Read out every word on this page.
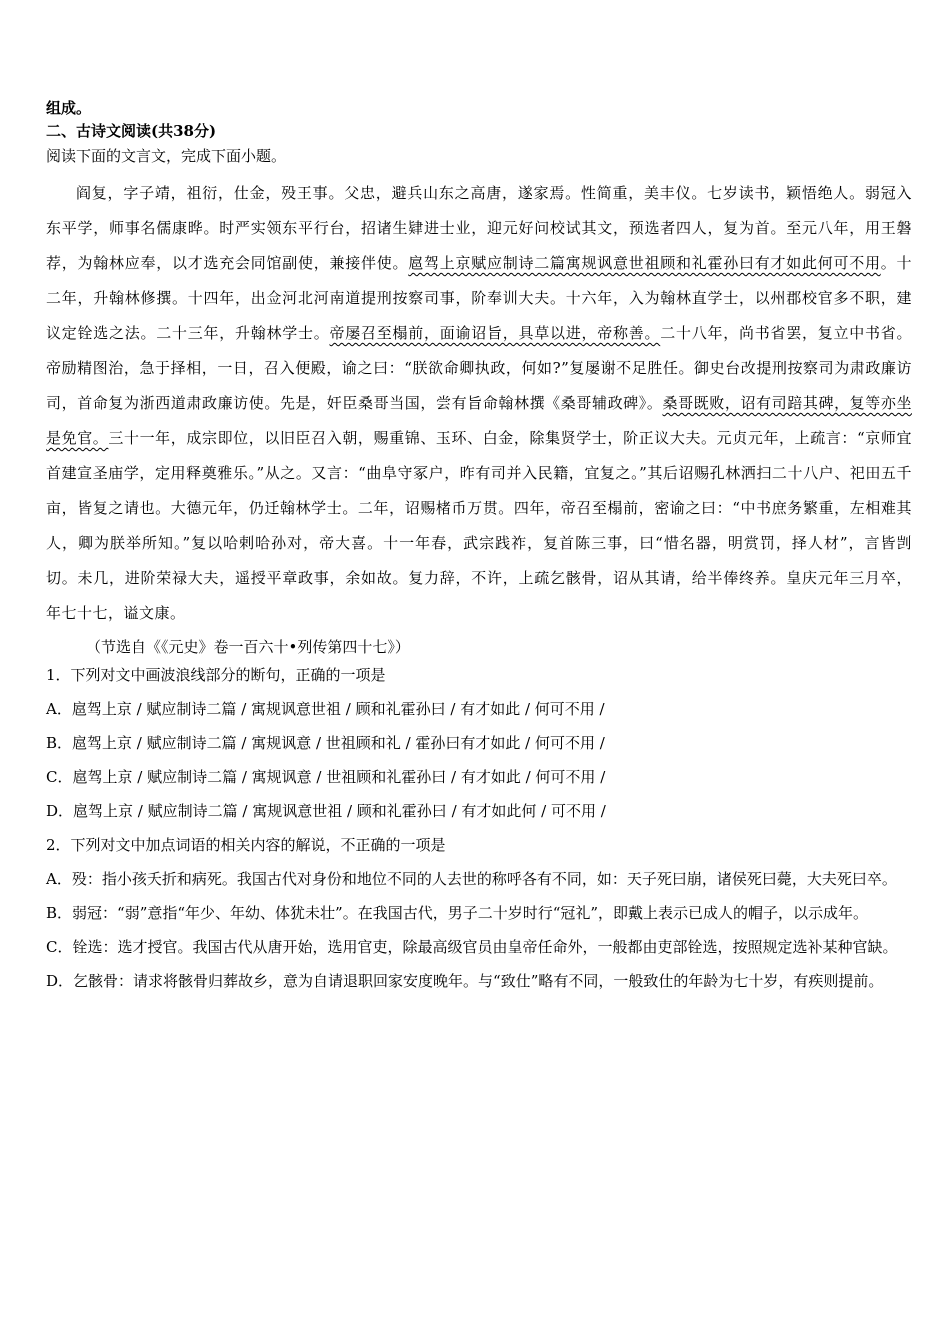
组成。
二、古诗文阅读(共38分)
阅读下面的文言文，完成下面小题。

阎复，字子靖，祖衍，仕金，殁王事。父忠，避兵山东之高唐，遂家焉。性简重，美丰仪。七岁读书，颖悟绝人。弱冠入东平学，师事名儒康晔。时严实领东平行台，招诸生肄进士业，迎元好问校试其文，预选者四人，复为首。至元八年，用王磐荐，为翰林应奉，以才选充会同馆副使，兼接伴使。扈驾上京赋应制诗二篇寓规讽意世祖顾和礼霍孙曰有才如此何可不用。十二年，升翰林修撰。十四年，出佥河北河南道提刑按察司事，阶奉训大夫。十六年，入为翰林直学士，以州郡校官多不职，建议定铨选之法。二十三年，升翰林学士。帝屡召至榻前，面谕诏旨，具草以进，帝称善。二十八年，尚书省罢，复立中书省。帝励精图治，急于择相，一日，召入便殿，谕之曰：“朕欲命卿执政，何如?”复屡谢不足胜任。御史台改提刑按察司为肃政廉访司，首命复为浙西道肃政廉访使。先是，奸臣桑哥当国，尝有旨命翰林撰《桑哥辅政碑》。桑哥既败，诏有司踣其碑，复等亦坐是免官。三十一年，成宗即位，以旧臣召入朝，赐重锦、玉环、白金，除集贤学士，阶正议大夫。元贞元年，上疏言：“京师宜首建宣圣庙学，定用释奠雅乐。”从之。又言：“曲阜守冢户，昨有司并入民籍，宜复之。”其后诏赐孔林洒扫二十八户、祀田五千亩，皆复之请也。大德元年，仍迁翰林学士。二年，诏赐楮币万贯。四年，帝召至榻前，密谕之曰：“中书庶务繁重，左相难其人，卿为朕举所知。”复以哈剌哈孙对，帝大喜。十一年春，武宗践祚，复首陈三事，曰“惜名器，明赏罚，择人材”，言皆剀切。未几，进阶荣禄大夫，遥授平章政事，余如故。复力辞，不许，上疏乞骸骨，诏从其请，给半俸终养。皇庆元年三月卒，年七十七，谥文康。

（节选自《《元史》卷一百六十•列传第四十七》）
1．下列对文中画波浪线部分的断句，正确的一项是
A．扈驾上京 / 赋应制诗二篇 / 寓规讽意世祖 / 顾和礼霍孙曰 / 有才如此 / 何可不用 /
B．扈驾上京 / 赋应制诗二篇 / 寓规讽意 / 世祖顾和礼 / 霍孙曰有才如此 / 何可不用 /
C．扈驾上京 / 赋应制诗二篇 / 寓规讽意 / 世祖顾和礼霍孙曰 / 有才如此 / 何可不用 /
D．扈驾上京 / 赋应制诗二篇 / 寓规讽意世祖 / 顾和礼霍孙曰 / 有才如此何 / 可不用 /
2．下列对文中加点词语的相关内容的解说，不正确的一项是
A．殁：指小孩夭折和病死。我国古代对身份和地位不同的人去世的称呼各有不同，如：天子死曰崩，诸侯死曰薨，大夫死曰卒。
B．弱冠：“弱”意指“年少、年幼、体犹未壮”。在我国古代，男子二十岁时行“冠礼”，即戴上表示已成人的帽子，以示成年。
C．铨选：选才授官。我国古代从唐开始，选用官吏，除最高级官员由皇帝任命外，一般都由吏部铨选，按照规定选补某种官缺。
D．乞骸骨：请求将骸骨归葬故乡，意为自请退职回家安度晚年。与“致仕”略有不同，一般致仕的年龄为七十岁，有疾则提前。
